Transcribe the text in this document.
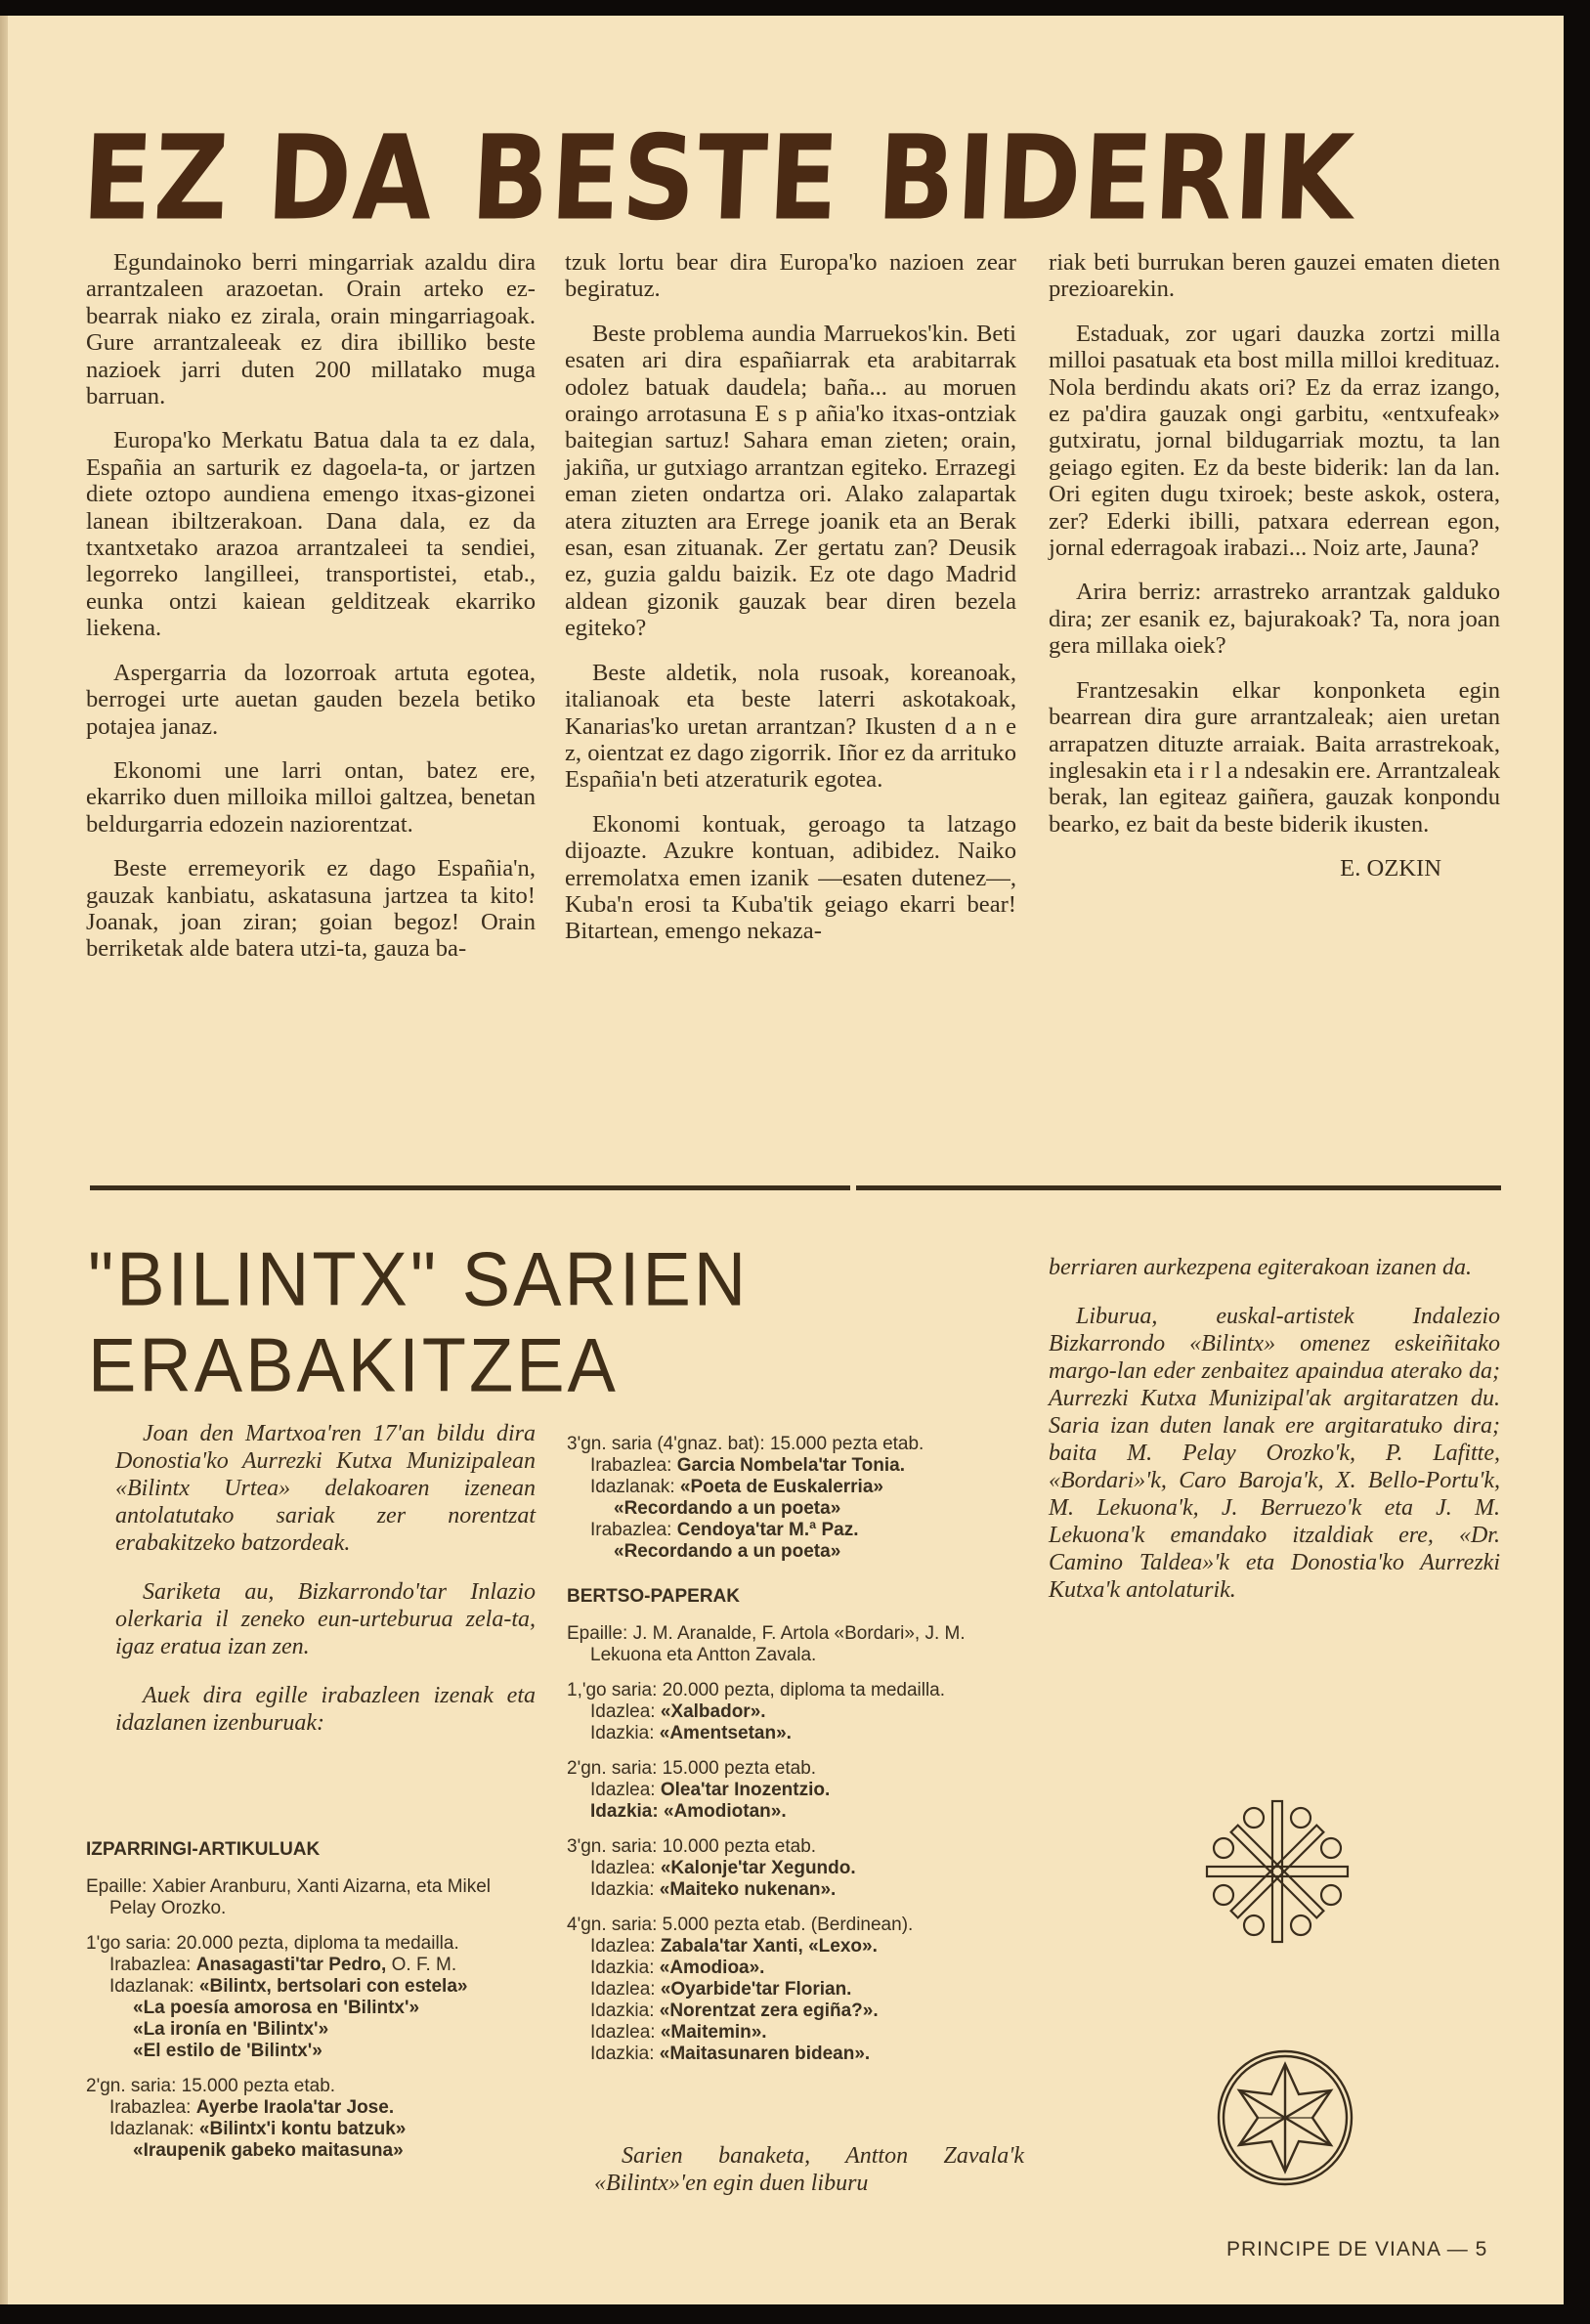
EZ DA BESTE BIDERIK

Egundainoko berri mingarriak azaldu dira arrantzaleen arazoetan. Orain arteko ez-bearrak niako ez zirala, orain mingarriagoak. Gure arrantzaleeak ez dira ibilliko beste nazioek jarri duten 200 millatako muga barruan.

Europa'ko Merkatu Batua dala ta ez dala, Españia an sarturik ez dagoela-ta, or jartzen diete oztopo aundiena emengo itxas-gizonei lanean ibiltzerakoan. Dana dala, ez da txantxetako arazoa arrantzaleei ta sendiei, legorreko langilleei, transportistei, etab., eunka ontzi kaiean gelditzeak ekarriko liekena.

Aspergarria da lozorroak artuta egotea, berrogei urte auetan gauden bezela betiko potajea janaz.

Ekonomi une larri ontan, batez ere, ekarriko duen milloika milloi galtzea, benetan beldurgarria edozein naziorentzat.

Beste erremeyorik ez dago Españia'n, gauzak kanbiatu, askatasuna jartzea ta kito! Joanak, joan ziran; goian begoz! Orain berriketak alde batera utzi-ta, gauza ba-

tzuk lortu bear dira Europa'ko nazioen zear begiratuz.

Beste problema aundia Marruekos'kin. Beti esaten ari dira españiarrak eta arabitarrak odolez batuak daudela; baña... au moruen oraingo arrotasuna E s p añia'ko itxas-ontziak baitegian sartuz! Sahara eman zieten; orain, jakiña, ur gutxiago arrantzan egiteko. Errazegi eman zieten ondartza ori. Alako zalapartak atera zituzten ara Errege joanik eta an Berak esan, esan zituanak. Zer gertatu zan? Deusik ez, guzia galdu baizik. Ez ote dago Madrid aldean gizonik gauzak bear diren bezela egiteko?

Beste aldetik, nola rusoak, koreanoak, italianoak eta beste laterri askotakoak, Kanarias'ko uretan arrantzan? Ikusten d a n e z, oientzat ez dago zigorrik. Iñor ez da arrituko Españia'n beti atzeraturik egotea.

Ekonomi kontuak, geroago ta latzago dijoazte. Azukre kontuan, adibidez. Naiko erremolatxa emen izanik —esaten dutenez—, Kuba'n erosi ta Kuba'tik geiago ekarri bear! Bitartean, emengo nekaza-

riak beti burrukan beren gauzei ematen dieten prezioarekin.

Estaduak, zor ugari dauzka zortzi milla milloi pasatuak eta bost milla milloi kredituaz. Nola berdindu akats ori? Ez da erraz izango, ez pa'dira gauzak ongi garbitu, «entxufeak» gutxiratu, jornal bildugarriak moztu, ta lan geiago egiten. Ez da beste biderik: lan da lan. Ori egiten dugu txiroek; beste askok, ostera, zer? Ederki ibilli, patxara ederrean egon, jornal ederragoak irabazi... Noiz arte, Jauna?

Arira berriz: arrastreko arrantzak galduko dira; zer esanik ez, bajurakoak? Ta, nora joan gera millaka oiek?

Frantzesakin elkar konponketa egin bearrean dira gure arrantzaleak; aien uretan arrapatzen dituzte arraiak. Baita arrastrekoak, inglesakin eta i r l a ndesakin ere. Arrantzaleak berak, lan egiteaz gaiñera, gauzak konpondu bearko, ez bait da beste biderik ikusten.

E. OZKIN
"BILINTX" SARIEN
ERABAKITZEA

Joan den Martxoa'ren 17'an bildu dira Donostia'ko Aurrezki Kutxa Munizipalean «Bilintx Urtea» delakoaren izenean antolatutako sariak zer norentzat erabakitzeko batzordeak.

Sariketa au, Bizkarrondo'tar Inlazio olerkaria il zeneko eun-urteburua zela-ta, igaz eratua izan zen.

Auek dira egille irabazleen izenak eta idazlanen izenburuak:

IZPARRINGI-ARTIKULUAK
Epaille: Xabier Aranburu, Xanti Aizarna, eta Mikel Pelay Orozko.
1'go saria: 20.000 pezta, diploma ta medailla.
Irabazlea: Anasagasti'tar Pedro, O. F. M.
Idazlanak: «Bilintx, bertsolari con estela»
«La poesía amorosa en 'Bilintx'»
«La ironía en 'Bilintx'»
«El estilo de 'Bilintx'»
2'gn. saria: 15.000 pezta etab.
Irabazlea: Ayerbe Iraola'tar Jose.
Idazlanak: «Bilintx'i kontu batzuk»
«Iraupenik gabeko maitasuna»
3'gn. saria (4'gnaz. bat): 15.000 pezta etab.
Irabazlea: Garcia Nombela'tar Tonia.
Idazlanak: «Poeta de Euskalerria»
«Recordando a un poeta»
Irabazlea: Cendoya'tar M.ª Paz.
«Recordando a un poeta»
BERTSO-PAPERAK
Epaille: J. M. Aranalde, F. Artola «Bordari», J. M. Lekuona eta Antton Zavala.
1,'go saria: 20.000 pezta, diploma ta medailla.
Idazlea: «Xalbador».
Idazkia: «Amentsetan».
2'gn. saria: 15.000 pezta etab.
Idazlea: Olea'tar Inozentzio.
Idazkia: «Amodiotan».
3'gn. saria: 10.000 pezta etab.
Idazlea: «Kalonje'tar Xegundo.
Idazkia: «Maiteko nukenan».
4'gn. saria: 5.000 pezta etab. (Berdinean).
Idazlea: Zabala'tar Xanti, «Lexo».
Idazkia: «Amodioa».
Idazlea: «Oyarbide'tar Florian.
Idazkia: «Norentzat zera egiña?».
Idazlea: «Maitemin».
Idazkia: «Maitasunaren bidean».

Sarien banaketa, Antton Zavala'k «Bilintx»'en egin duen liburu

berriaren aurkezpena egiterakoan izanen da.

Liburua, euskal-artistek Indalezio Bizkarrondo «Bilintx» omenez eskeiñitako margo-lan eder zenbaitez apaindua aterako da; Aurrezki Kutxa Munizipal'ak argitaratzen du. Saria izan duten lanak ere argitaratuko dira; baita M. Pelay Orozko'k, P. Lafitte, «Bordari»'k, Caro Baroja'k, X. Bello-Portu'k, M. Lekuona'k, J. Berruezo'k eta J. M. Lekuona'k emandako itzaldiak ere, «Dr. Camino Taldea»'k eta Donostia'ko Aurrezki Kutxa'k antolaturik.

PRINCIPE DE VIANA — 5
